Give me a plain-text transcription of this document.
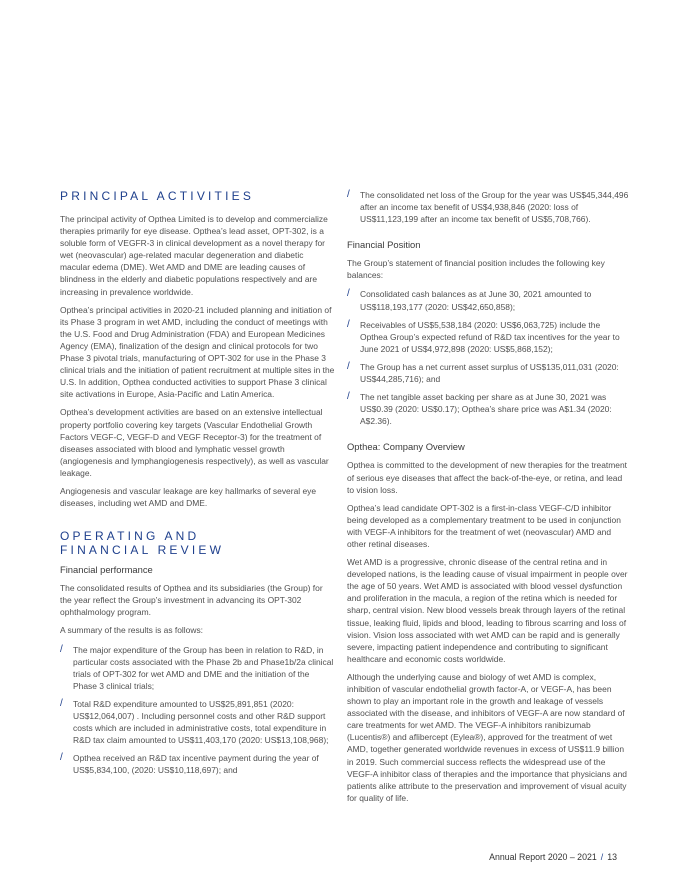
PRINCIPAL ACTIVITIES

The principal activity of Opthea Limited is to develop and commercialize therapies primarily for eye disease. Opthea’s lead asset, OPT-302, is a soluble form of VEGFR-3 in clinical development as a novel therapy for wet (neovascular) age-related macular degeneration and diabetic macular edema (DME). Wet AMD and DME are leading causes of blindness in the elderly and diabetic populations respectively and are increasing in prevalence worldwide.

Opthea’s principal activities in 2020-21 included planning and initiation of its Phase 3 program in wet AMD, including the conduct of meetings with the U.S. Food and Drug Administration (FDA) and European Medicines Agency (EMA), finalization of the design and clinical protocols for two Phase 3 pivotal trials, manufacturing of OPT-302 for use in the Phase 3 clinical trials and the initiation of patient recruitment at multiple sites in the U.S. In addition, Opthea conducted activities to support Phase 3 clinical site activations in Europe, Asia-Pacific and Latin America.

Opthea’s development activities are based on an extensive intellectual property portfolio covering key targets (Vascular Endothelial Growth Factors VEGF-C, VEGF-D and VEGF Receptor-3) for the treatment of diseases associated with blood and lymphatic vessel growth (angiogenesis and lymphangiogenesis respectively), as well as vascular leakage.

Angiogenesis and vascular leakage are key hallmarks of several eye diseases, including wet AMD and DME.

OPERATING AND
FINANCIAL REVIEW
Financial performance

The consolidated results of Opthea and its subsidiaries (the Group) for the year reflect the Group’s investment in advancing its OPT-302 ophthalmology program.

A summary of the results is as follows:

/ The major expenditure of the Group has been in relation to R&D, in particular costs associated with the Phase 2b and Phase1b/2a clinical trials of OPT-302 for wet AMD and DME and the initiation of the Phase 3 clinical trials;
/ Total R&D expenditure amounted to US$25,891,851 (2020: US$12,064,007) . Including personnel costs and other R&D support costs which are included in administrative costs, total expenditure in R&D tax claim amounted to US$11,403,170 (2020: US$13,108,968);
/ Opthea received an R&D tax incentive payment during the year of US$5,834,100, (2020: US$10,118,697); and
/ The consolidated net loss of the Group for the year was US$45,344,496 after an income tax benefit of US$4,938,846 (2020: loss of US$11,123,199 after an income tax benefit of US$5,708,766).
Financial Position

The Group’s statement of financial position includes the following key balances:

/ Consolidated cash balances as at June 30, 2021 amounted to US$118,193,177 (2020: US$42,650,858);
/ Receivables of US$5,538,184 (2020: US$6,063,725) include the Opthea Group’s expected refund of R&D tax incentives for the year to June 2021 of US$4,972,898 (2020: US$5,868,152);
/ The Group has a net current asset surplus of US$135,011,031 (2020: US$44,285,716); and
/ The net tangible asset backing per share as at June 30, 2021 was US$0.39 (2020: US$0.17); Opthea’s share price was A$1.34 (2020: A$2.36).
Opthea: Company Overview

Opthea is committed to the development of new therapies for the treatment of serious eye diseases that affect the back-of-the-eye, or retina, and lead to vision loss.

Opthea’s lead candidate OPT-302 is a first-in-class VEGF-C/D inhibitor being developed as a complementary treatment to be used in conjunction with VEGF-A inhibitors for the treatment of wet (neovascular) AMD and other retinal diseases.

Wet AMD is a progressive, chronic disease of the central retina and in developed nations, is the leading cause of visual impairment in people over the age of 50 years. Wet AMD is associated with blood vessel dysfunction and proliferation in the macula, a region of the retina which is needed for sharp, central vision. New blood vessels break through layers of the retinal tissue, leaking fluid, lipids and blood, leading to fibrous scarring and loss of vision. Vision loss associated with wet AMD can be rapid and is generally severe, impacting patient independence and contributing to significant healthcare and economic costs worldwide.

Although the underlying cause and biology of wet AMD is complex, inhibition of vascular endothelial growth factor-A, or VEGF-A, has been shown to play an important role in the growth and leakage of vessels associated with the disease, and inhibitors of VEGF-A are now standard of care treatments for wet AMD. The VEGF-A inhibitors ranibizumab (Lucentis®) and aflibercept (Eylea®), approved for the treatment of wet AMD, together generated worldwide revenues in excess of US$11.9 billion in 2019. Such commercial success reflects the widespread use of the VEGF-A inhibitor class of therapies and the importance that physicians and patients alike attribute to the preservation and improvement of visual acuity for quality of life.

Annual Report 2020 – 2021 / 13
